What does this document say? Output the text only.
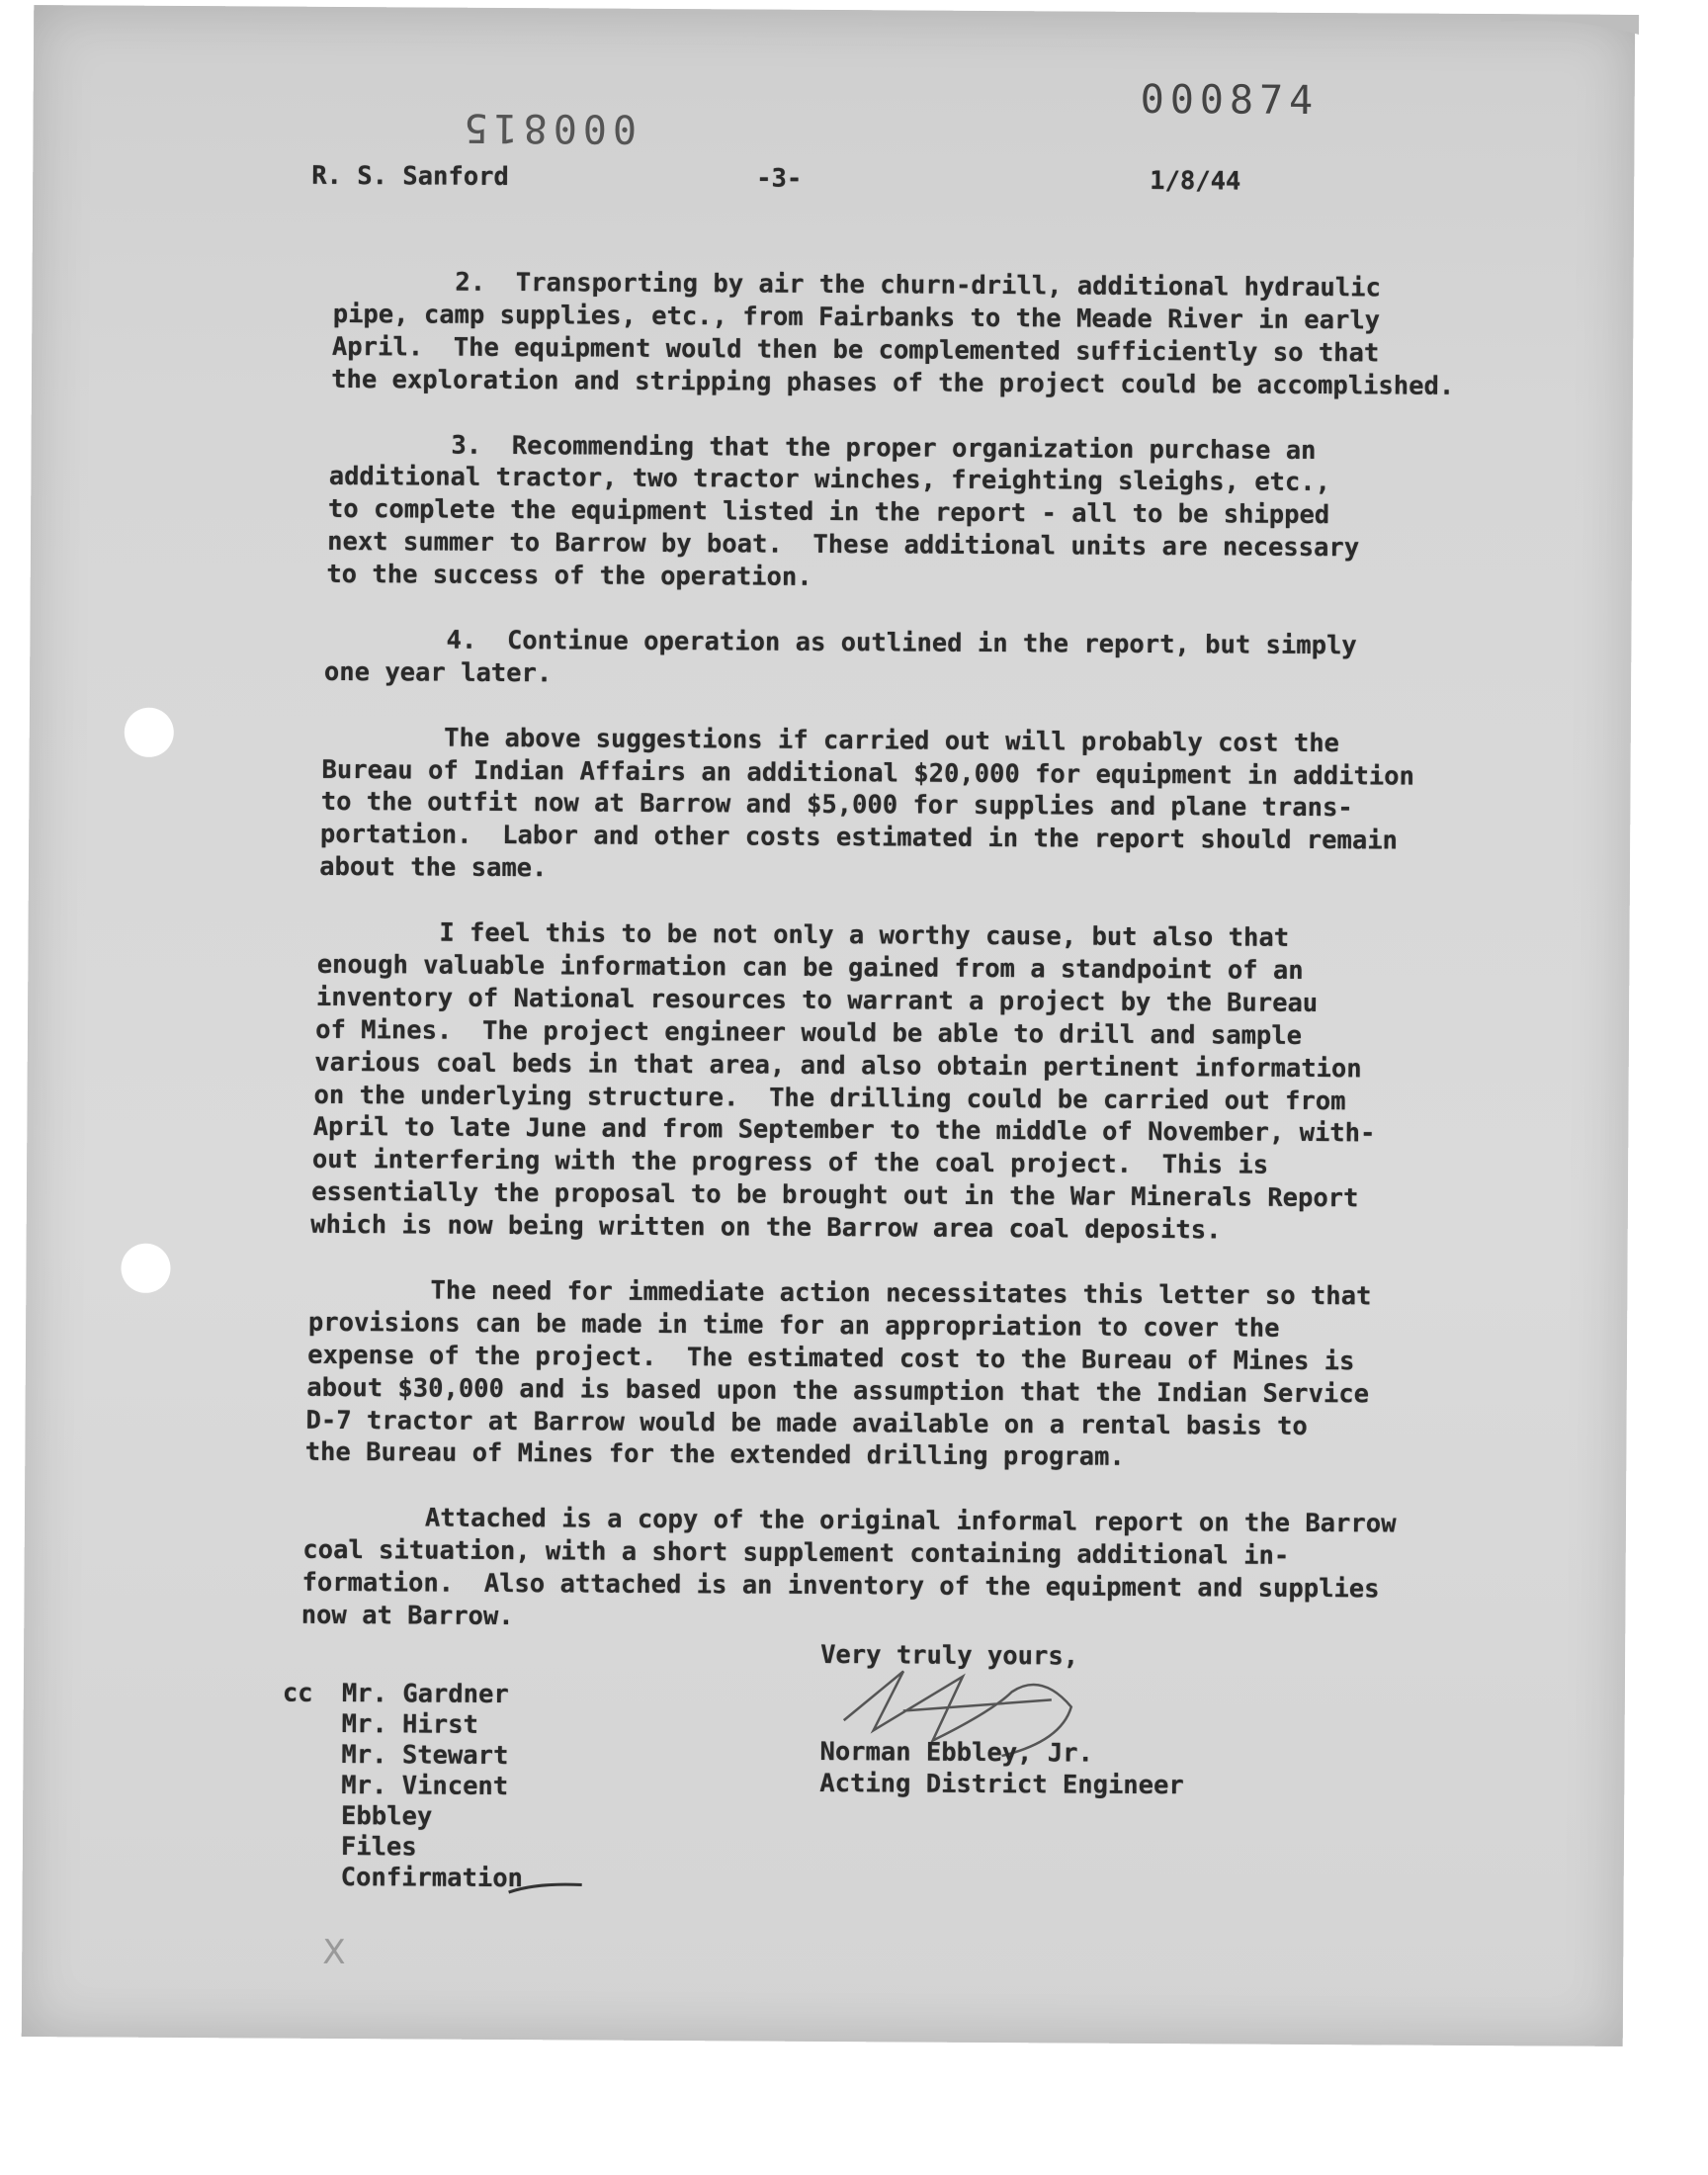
000815
000874
R. S. Sanford	-3-	1/8/44
2.  Transporting by air the churn-drill, additional hydraulic
pipe, camp supplies, etc., from Fairbanks to the Meade River in early
April.  The equipment would then be complemented sufficiently so that
the exploration and stripping phases of the project could be accomplished.
3.  Recommending that the proper organization purchase an
additional tractor, two tractor winches, freighting sleighs, etc.,
to complete the equipment listed in the report - all to be shipped
next summer to Barrow by boat.  These additional units are necessary
to the success of the operation.
4.  Continue operation as outlined in the report, but simply
one year later.
The above suggestions if carried out will probably cost the
Bureau of Indian Affairs an additional $20,000 for equipment in addition
to the outfit now at Barrow and $5,000 for supplies and plane trans-
portation.  Labor and other costs estimated in the report should remain
about the same.
I feel this to be not only a worthy cause, but also that
enough valuable information can be gained from a standpoint of an
inventory of National resources to warrant a project by the Bureau
of Mines.  The project engineer would be able to drill and sample
various coal beds in that area, and also obtain pertinent information
on the underlying structure.  The drilling could be carried out from
April to late June and from September to the middle of November, with-
out interfering with the progress of the coal project.  This is
essentially the proposal to be brought out in the War Minerals Report
which is now being written on the Barrow area coal deposits.
The need for immediate action necessitates this letter so that
provisions can be made in time for an appropriation to cover the
expense of the project.  The estimated cost to the Bureau of Mines is
about $30,000 and is based upon the assumption that the Indian Service
D-7 tractor at Barrow would be made available on a rental basis to
the Bureau of Mines for the extended drilling program.
Attached is a copy of the original informal report on the Barrow
coal situation, with a short supplement containing additional in-
formation.  Also attached is an inventory of the equipment and supplies
now at Barrow.
Very truly yours,
Norman Ebbley, Jr.
Acting District Engineer
cc Mr. Gardner
Mr. Hirst
Mr. Stewart
Mr. Vincent
Ebbley
Files
Confirmation
X
